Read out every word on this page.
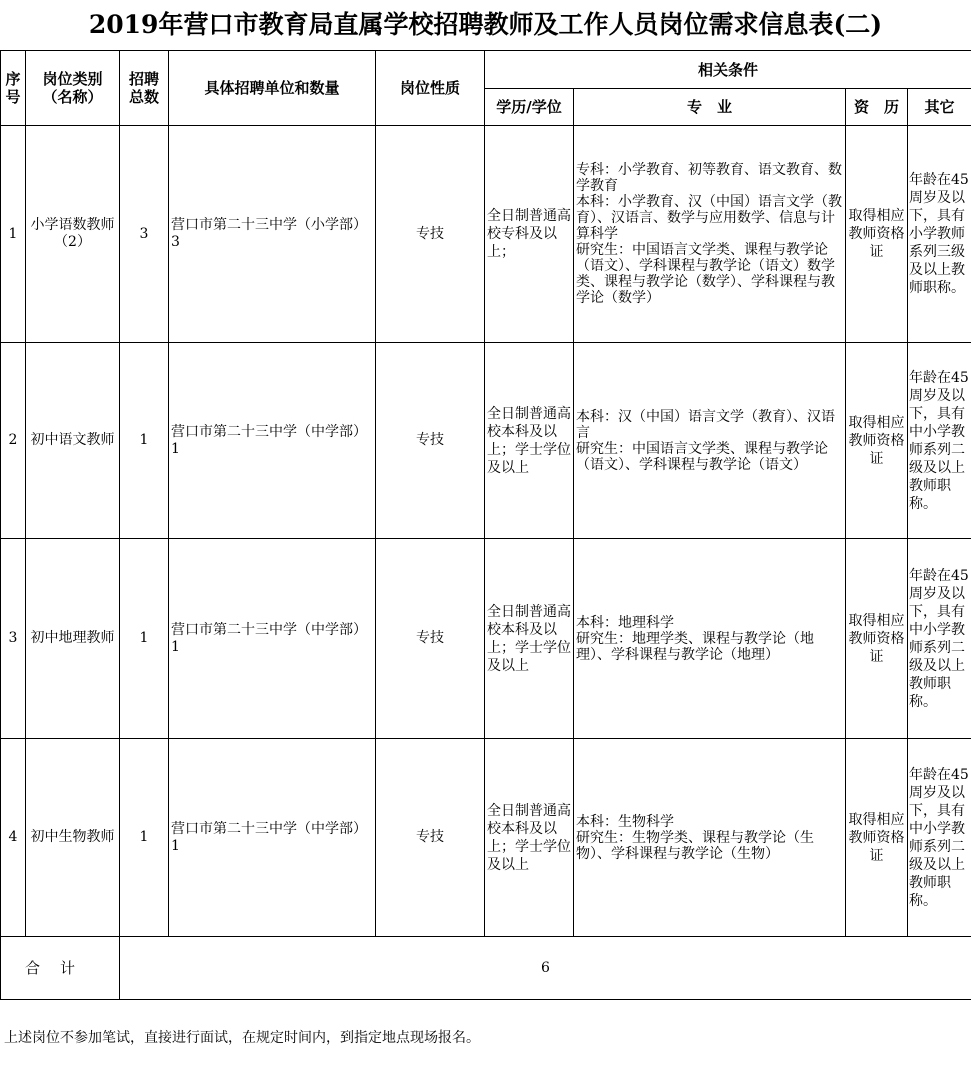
2019年营口市教育局直属学校招聘教师及工作人员岗位需求信息表(二)
序号	岗位类别（名称）	招聘总数	具体招聘单位和数量	岗位性质	相关条件			
					学历/学位	专　业	资　历	其它
1	小学语数教师（2）	3	营口市第二十三中学（小学部）3	专技	全日制普通高校专科及以上；	专科：小学教育、初等教育、语文教育、数学教育
本科：小学教育、汉（中国）语言文学（教育）、汉语言、数学与应用数学、信息与计算科学
研究生：中国语言文学类、课程与教学论（语文）、学科课程与教学论（语文）数学类、课程与教学论（数学）、学科课程与教学论（数学）	取得相应教师资格证	年龄在45周岁及以下，具有小学教师系列三级及以上教师职称。
2	初中语文教师	1	营口市第二十三中学（中学部）1	专技	全日制普通高校本科及以上；学士学位及以上	本科：汉（中国）语言文学（教育）、汉语言
研究生：中国语言文学类、课程与教学论（语文）、学科课程与教学论（语文）	取得相应教师资格证	年龄在45周岁及以下，具有中小学教师系列二级及以上教师职称。
3	初中地理教师	1	营口市第二十三中学（中学部）1	专技	全日制普通高校本科及以上；学士学位及以上	本科：地理科学
研究生：地理学类、课程与教学论（地理）、学科课程与教学论（地理）	取得相应教师资格证	年龄在45周岁及以下，具有中小学教师系列二级及以上教师职称。
4	初中生物教师	1	营口市第二十三中学（中学部）1	专技	全日制普通高校本科及以上；学士学位及以上	本科：生物科学
研究生：生物学类、课程与教学论（生物）、学科课程与教学论（生物）	取得相应教师资格证	年龄在45周岁及以下，具有中小学教师系列二级及以上教师职称。
合计		6						
上述岗位不参加笔试，直接进行面试，在规定时间内，到指定地点现场报名。
